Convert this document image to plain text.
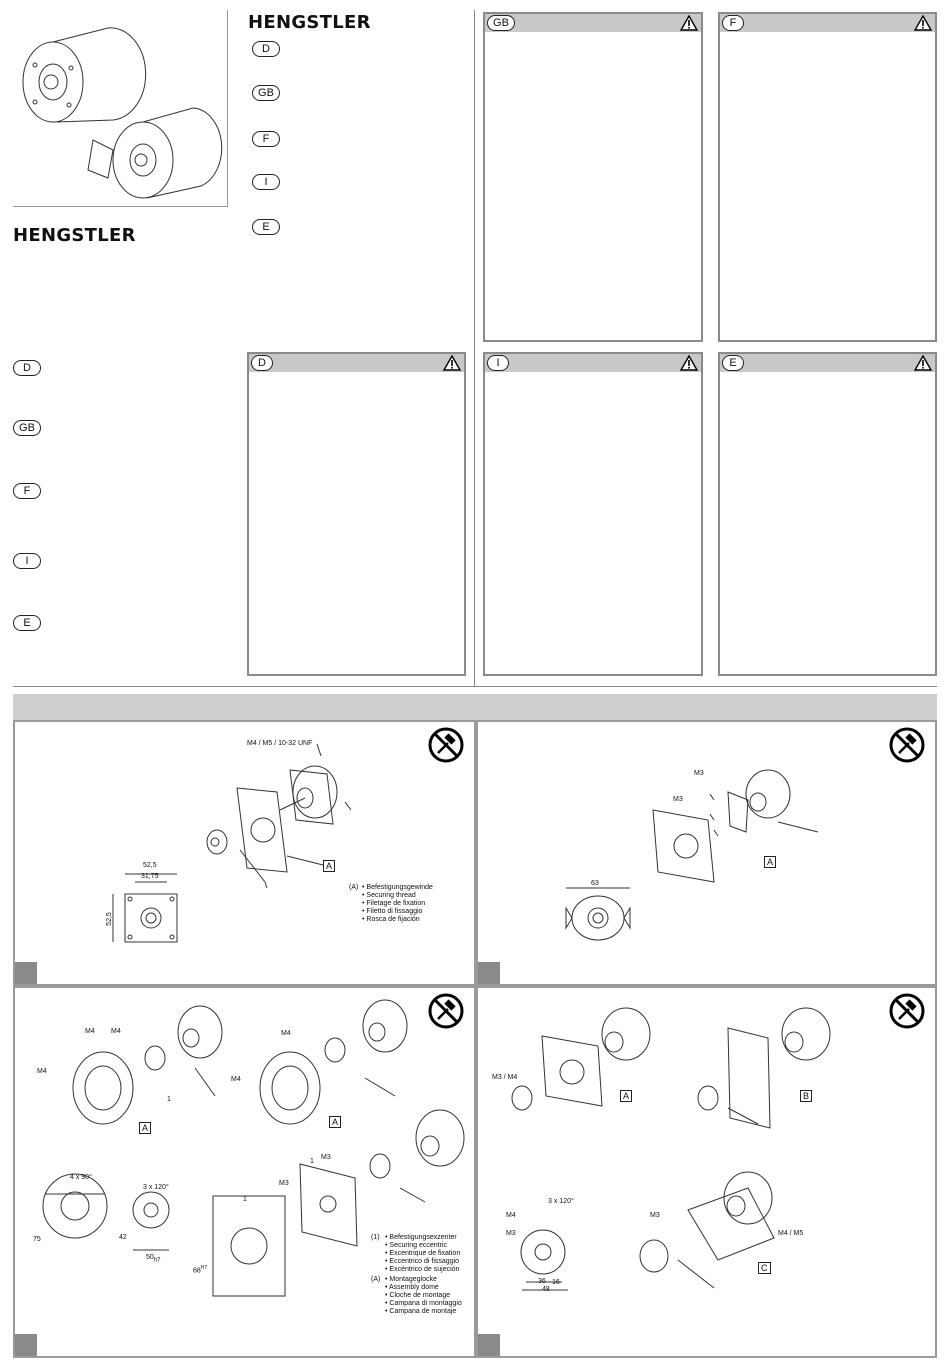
HENGSTLER
HENGSTLER
D
GB
F
I
E
D
GB
F
I
E
GB	F
D	I	E
M4 / M5 / 10-32 UNF
52,5
31,75
52,5
A
(A) • Befestigungsgewinde
• Securing thread
• Filetage de fixation
• Filetto di fissaggio
• Rosca de fijación
M3
M3
63
A
M4 M4
M4
M4
M4
1
1
1
M3
M3
A
A
4 x 90°
3 x 120°
75	42
$50_{h7}$
$68^{H7}$
(1) • Befestigungsexzenter
• Securing eccentric
• Excentrique de fixation
• Eccentrico di fissaggio
• Excéntrico de sujeción
(A) • Montageglocke
• Assembly dome
• Cloche de montage
• Campana di montaggio
• Campana de montaje
M3 / M4
A	B
M4
M3
3 x 120°
36 16
48
M3
M4 / M5
C
